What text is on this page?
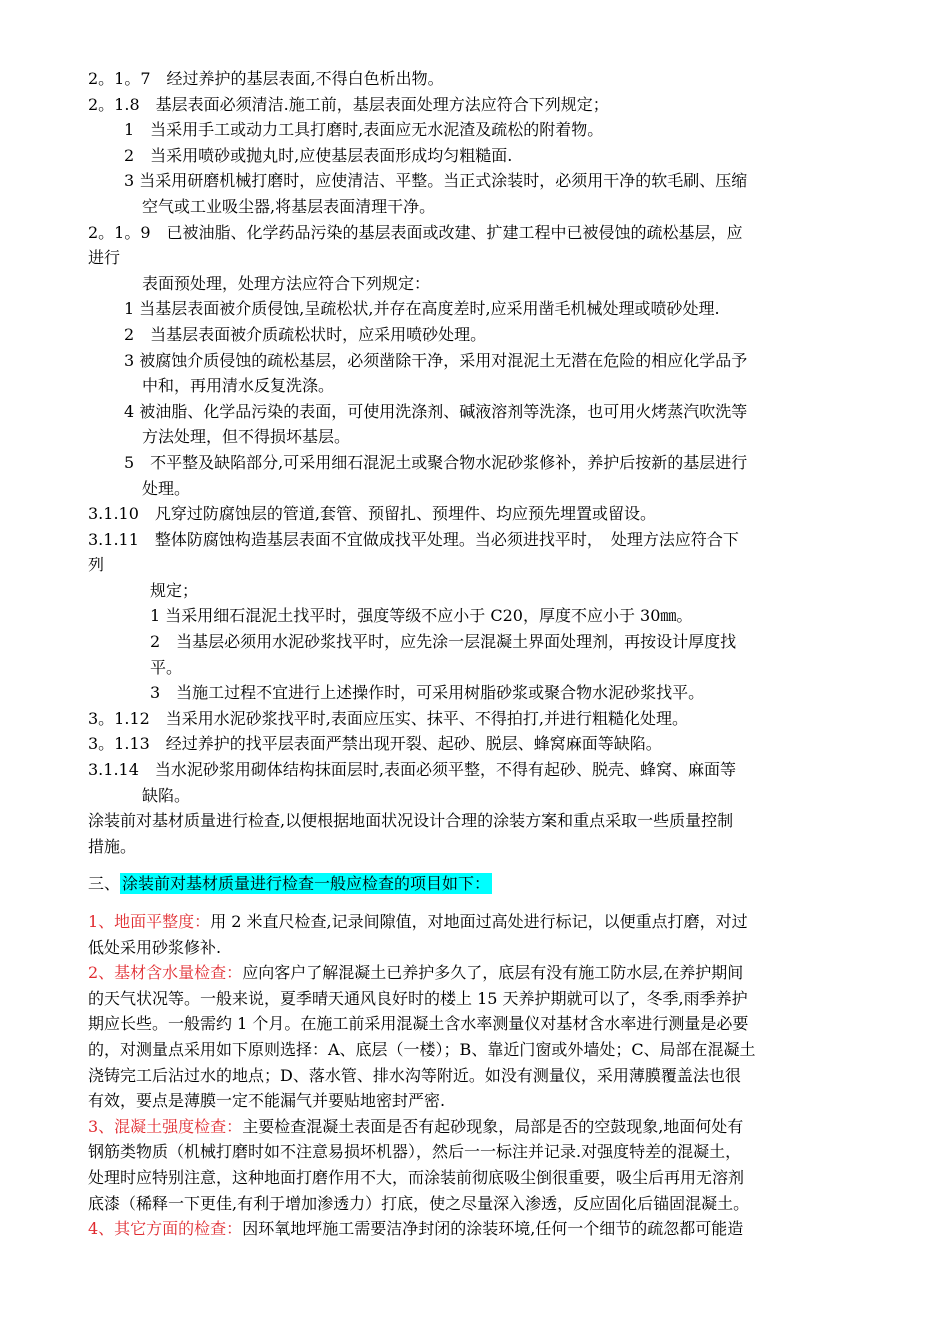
2。1。7　经过养护的基层表面,不得白色析出物。
2。1.8　基层表面必须清洁.施工前，基层表面处理方法应符合下列规定；
1　当采用手工或动力工具打磨时,表面应无水泥渣及疏松的附着物。
2　当采用喷砂或抛丸时,应使基层表面形成均匀粗糙面.
3 当采用研磨机械打磨时，应使清洁、平整。当正式涂装时，必须用干净的软毛刷、压缩
空气或工业吸尘器,将基层表面清理干净。
2。1。9　已被油脂、化学药品污染的基层表面或改建、扩建工程中已被侵蚀的疏松基层，应
进行
表面预处理，处理方法应符合下列规定：
1 当基层表面被介质侵蚀,呈疏松状,并存在高度差时,应采用凿毛机械处理或喷砂处理.
2　当基层表面被介质疏松状时，应采用喷砂处理。
3 被腐蚀介质侵蚀的疏松基层，必须凿除干净，采用对混泥土无潜在危险的相应化学品予
中和，再用清水反复洗涤。
4 被油脂、化学品污染的表面，可使用洗涤剂、碱液溶剂等洗涤，也可用火烤蒸汽吹洗等
方法处理，但不得损坏基层。
5　不平整及缺陷部分,可采用细石混泥土或聚合物水泥砂浆修补，养护后按新的基层进行
处理。
3.1.10　凡穿过防腐蚀层的管道,套管、预留扎、预埋件、均应预先埋置或留设。
3.1.11　整体防腐蚀构造基层表面不宜做成找平处理。当必须进找平时，　处理方法应符合下
列
规定；
1 当采用细石混泥土找平时，强度等级不应小于 C20，厚度不应小于 30㎜。
2　当基层必须用水泥砂浆找平时，应先涂一层混凝土界面处理剂，再按设计厚度找
平。
3　当施工过程不宜进行上述操作时，可采用树脂砂浆或聚合物水泥砂浆找平。
3。1.12　当采用水泥砂浆找平时,表面应压实、抹平、不得拍打,并进行粗糙化处理。
3。1.13　经过养护的找平层表面严禁出现开裂、起砂、脱层、蜂窝麻面等缺陷。
3.1.14　当水泥砂浆用砌体结构抹面层时,表面必须平整，不得有起砂、脱壳、蜂窝、麻面等
缺陷。
涂装前对基材质量进行检查,以便根据地面状况设计合理的涂装方案和重点采取一些质量控制
措施。
三、 涂装前对基材质量进行检查一般应检查的项目如下：
1、地面平整度：用 2 米直尺检查,记录间隙值，对地面过高处进行标记，以便重点打磨，对过
低处采用砂浆修补.
2、基材含水量检查：应向客户了解混凝土已养护多久了，底层有没有施工防水层,在养护期间
的天气状况等。一般来说，夏季晴天通风良好时的楼上 15 天养护期就可以了，冬季,雨季养护
期应长些。一般需约 1 个月。在施工前采用混凝土含水率测量仪对基材含水率进行测量是必要
的，对测量点采用如下原则选择：A、底层（一楼）；B、靠近门窗或外墙处；C、局部在混凝土
浇铸完工后沾过水的地点；D、落水管、排水沟等附近。如没有测量仪，采用薄膜覆盖法也很
有效，要点是薄膜一定不能漏气并要贴地密封严密.
3、混凝土强度检查：主要检查混凝土表面是否有起砂现象，局部是否的空鼓现象,地面何处有
钢筋类物质（机械打磨时如不注意易损坏机器），然后一一标注并记录.对强度特差的混凝土，
处理时应特别注意，这种地面打磨作用不大，而涂装前彻底吸尘倒很重要，吸尘后再用无溶剂
底漆（稀释一下更佳,有利于增加渗透力）打底，使之尽量深入渗透，反应固化后锚固混凝土。
4、其它方面的检查：因环氧地坪施工需要洁净封闭的涂装环境,任何一个细节的疏忽都可能造
